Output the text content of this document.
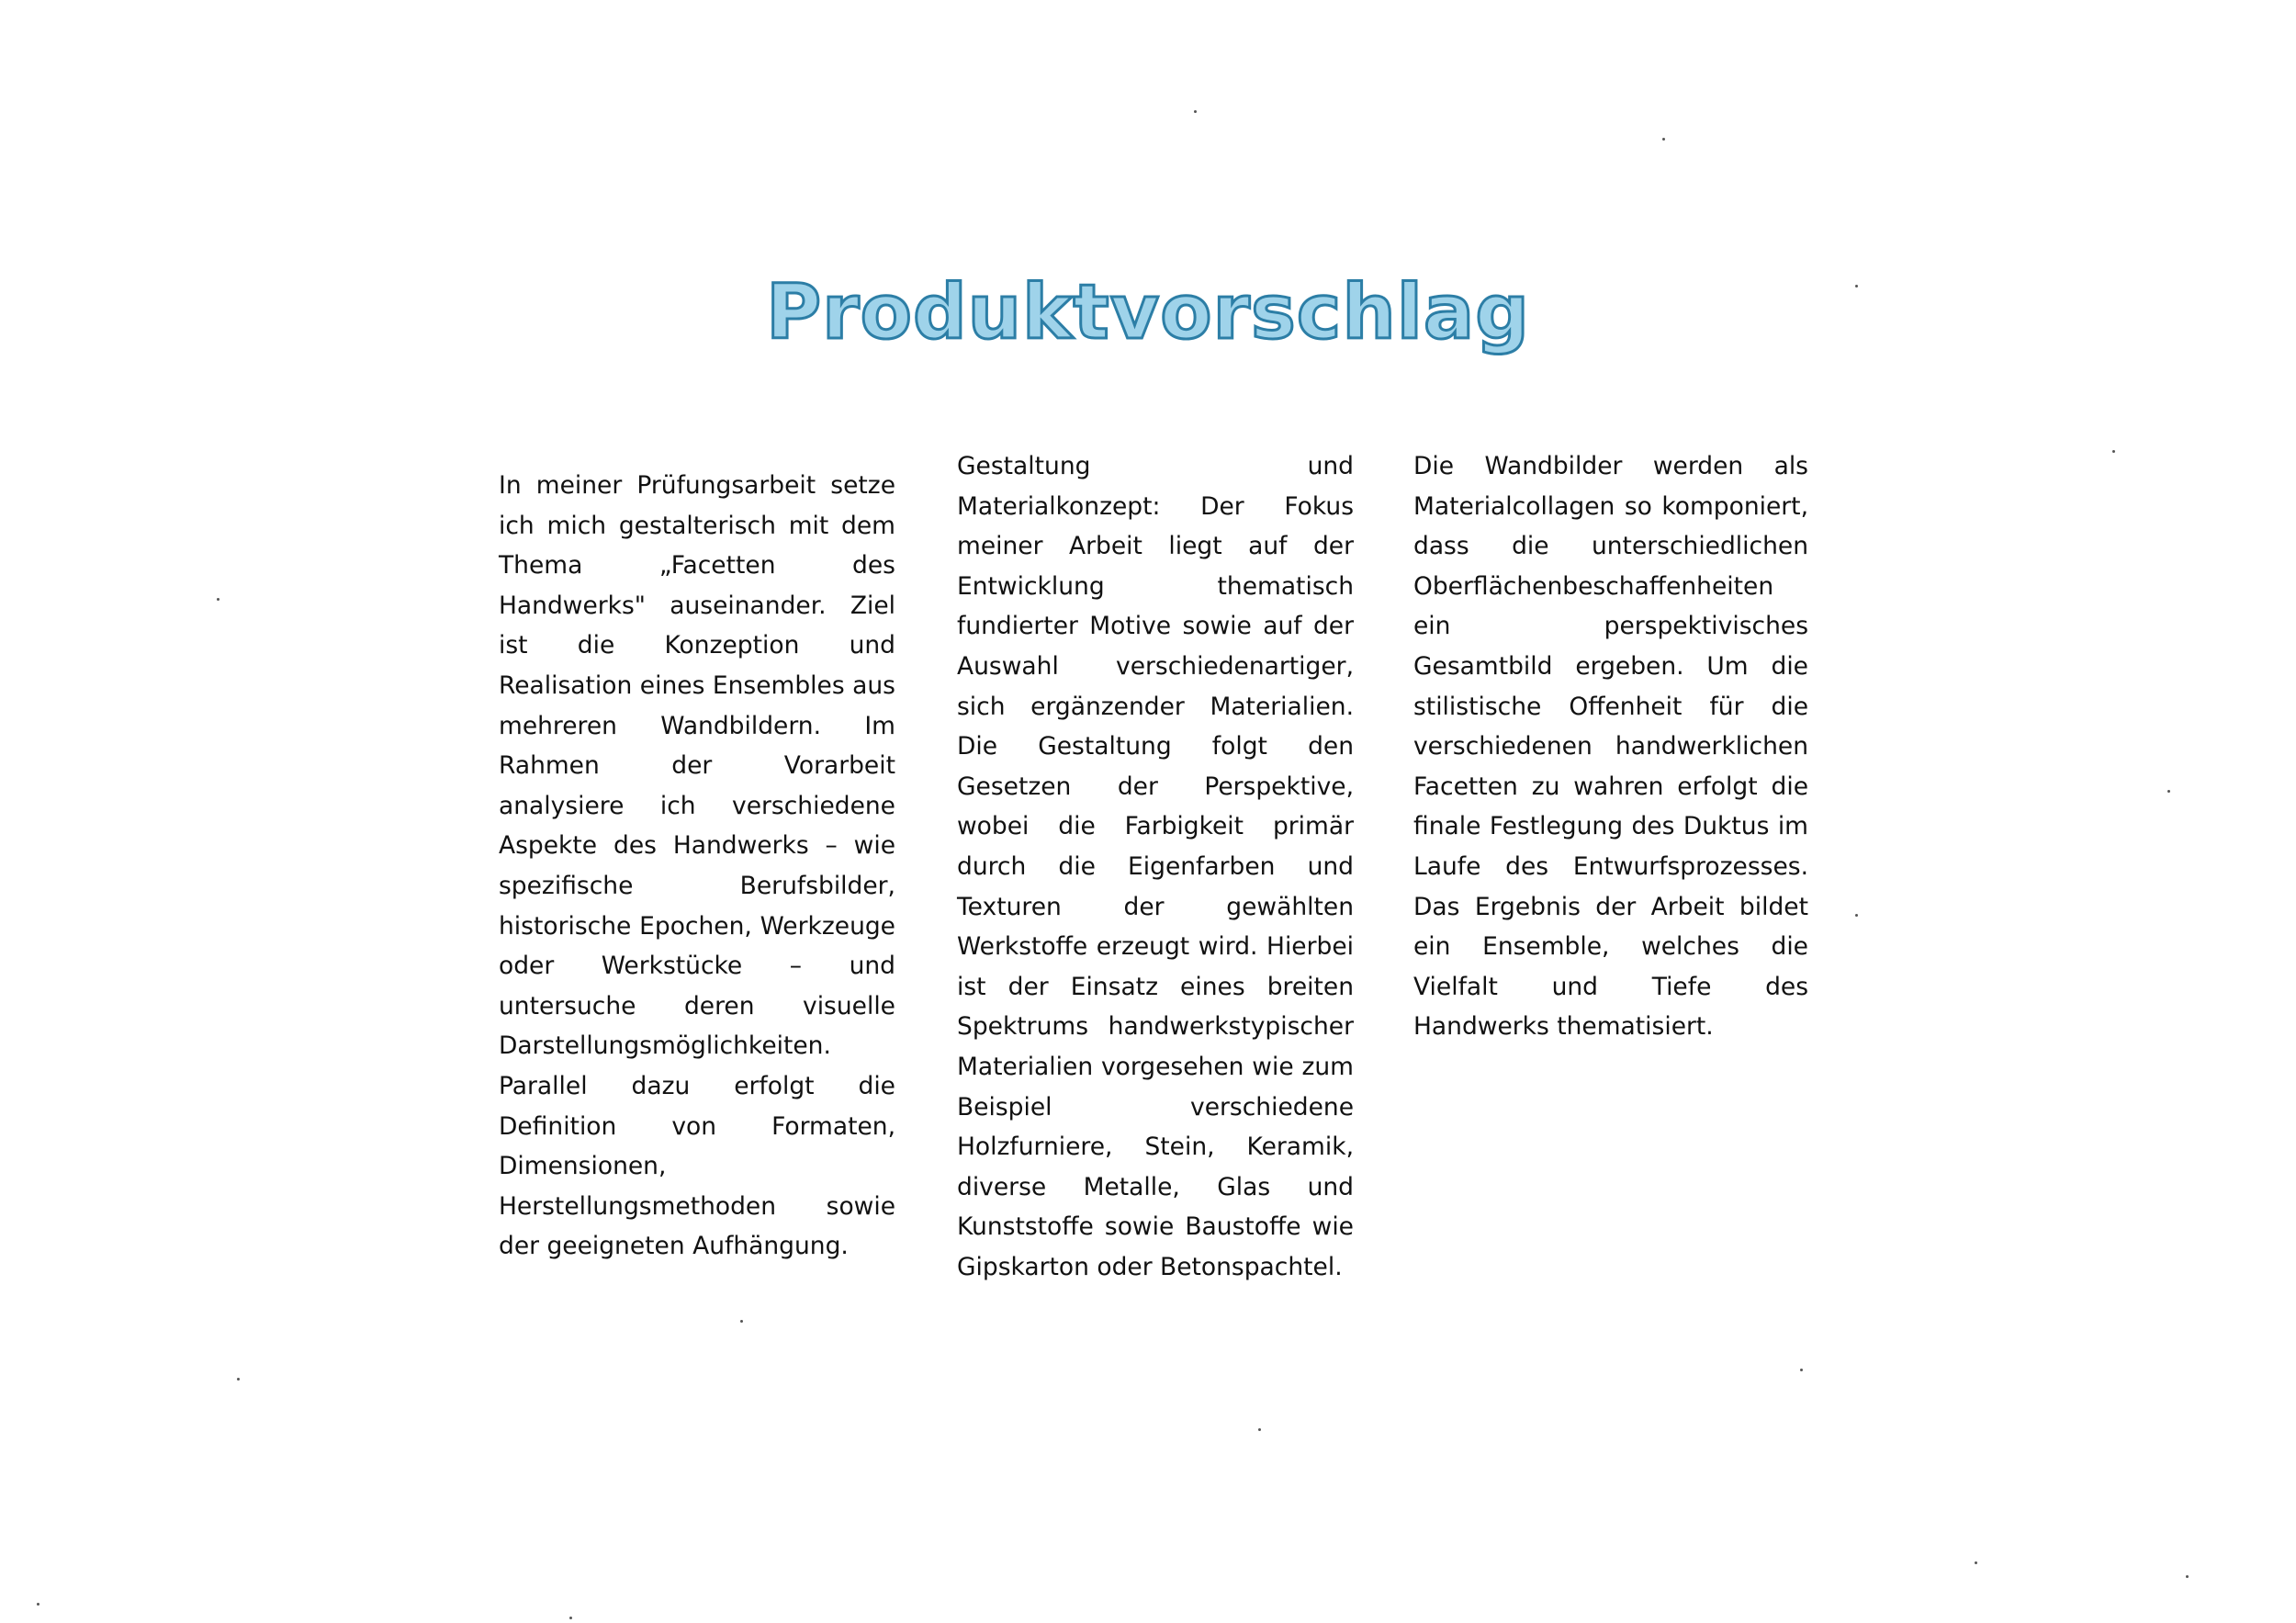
Produktvorschlag
In meiner Prüfungsarbeit setze ich mich gestalterisch mit dem Thema „Facetten des Handwerks" auseinander. Ziel ist die Konzeption und Realisation eines Ensembles aus mehreren Wandbildern. Im Rahmen der Vorarbeit analysiere ich verschiedene Aspekte des Handwerks – wie spezifische Berufsbilder, historische Epochen, Werkzeuge oder Werkstücke – und untersuche deren visuelle Darstellungsmöglichkeiten.
Parallel dazu erfolgt die Definition von Formaten, Dimensionen, Herstellungsmethoden sowie der geeigneten Aufhängung.
Gestaltung und Materialkonzept: Der Fokus meiner Arbeit liegt auf der Entwicklung thematisch fundierter Motive sowie auf der Auswahl verschiedenartiger, sich ergänzender Materialien. Die Gestaltung folgt den Gesetzen der Perspektive, wobei die Farbigkeit primär durch die Eigenfarben und Texturen der gewählten Werkstoffe erzeugt wird. Hierbei ist der Einsatz eines breiten Spektrums handwerkstypischer Materialien vorgesehen wie zum Beispiel verschiedene Holzfurniere, Stein, Keramik, diverse Metalle, Glas und Kunststoffe sowie Baustoffe wie Gipskarton oder Betonspachtel.
Die Wandbilder werden als Materialcollagen so komponiert, dass die unterschiedlichen Oberflächenbeschaffenheiten ein perspektivisches Gesamtbild ergeben. Um die stilistische Offenheit für die verschiedenen handwerklichen Facetten zu wahren erfolgt die finale Festlegung des Duktus im Laufe des Entwurfsprozesses. Das Ergebnis der Arbeit bildet ein Ensemble, welches die Vielfalt und Tiefe des Handwerks thematisiert.
